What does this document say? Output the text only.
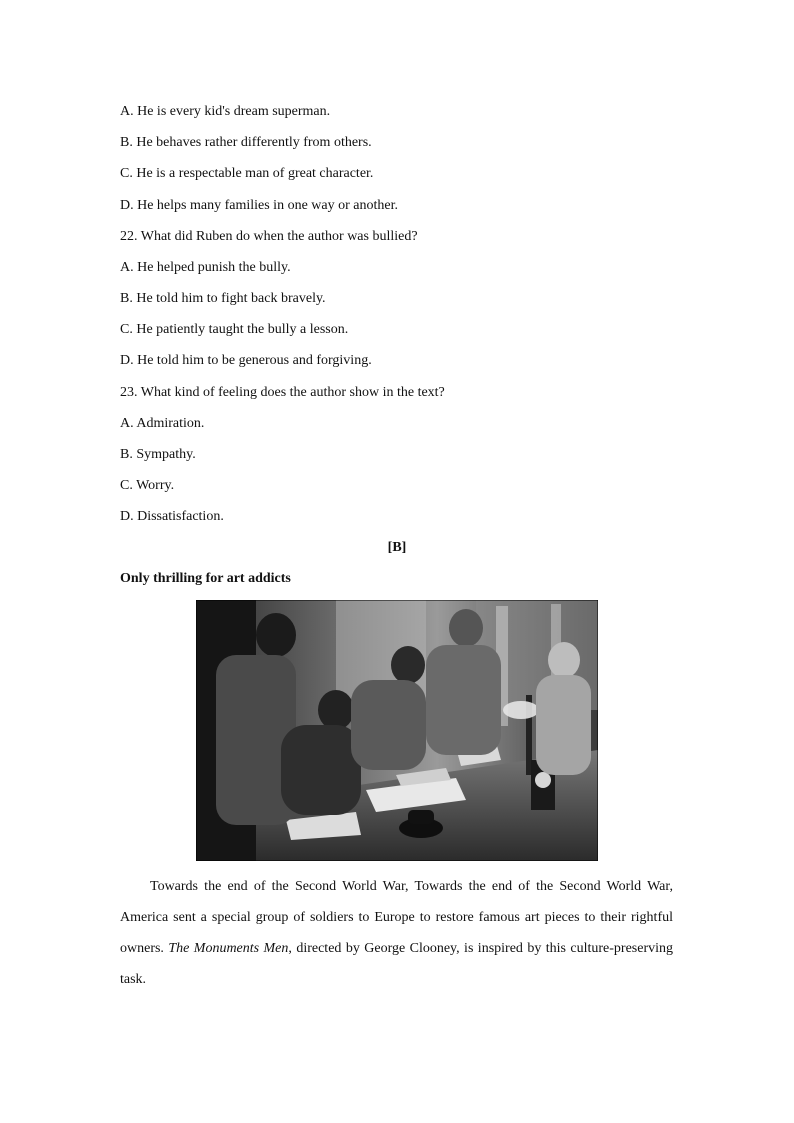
A. He is every kid's dream superman.
B. He behaves rather differently from others.
C. He is a respectable man of great character.
D. He helps many families in one way or another.
22. What did Ruben do when the author was bullied?
A. He helped punish the bully.
B. He told him to fight back bravely.
C. He patiently taught the bully a lesson.
D. He told him to be generous and forgiving.
23. What kind of feeling does the author show in the text?
A. Admiration.
B. Sympathy.
C. Worry.
D. Dissatisfaction.
[B]
Only thrilling for art addicts
Towards the end of the Second World War, Towards the end of the Second World War, America sent a special group of soldiers to Europe to restore famous art pieces to their rightful owners. The Monuments Men, directed by George Clooney, is inspired by this culture-preserving task.
